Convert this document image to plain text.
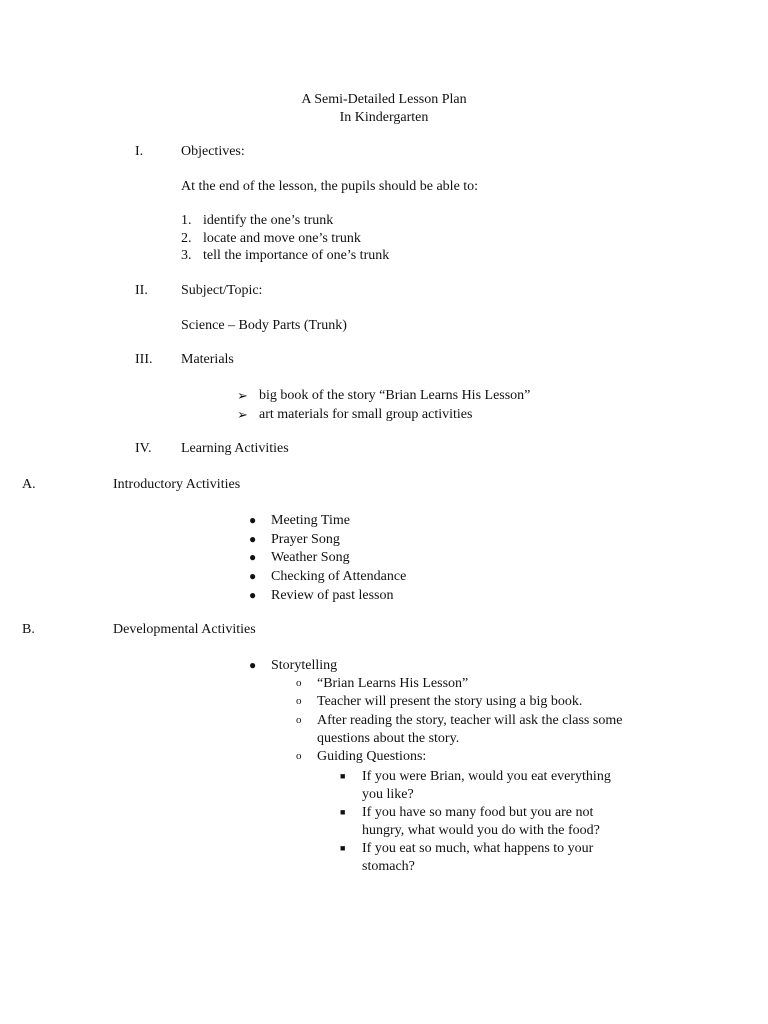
A Semi-Detailed Lesson Plan
In Kindergarten
I.	Objectives:
At the end of the lesson, the pupils should be able to:
1. identify the one’s trunk
2. locate and move one’s trunk
3. tell the importance of one’s trunk
II. Subject/Topic:
Science – Body Parts (Trunk)
III. Materials
➢ big book of the story “Brian Learns His Lesson”
➢ art materials for small group activities
IV. Learning Activities
A.	Introductory Activities
● Meeting Time
● Prayer Song
● Weather Song
● Checking of Attendance
● Review of past lesson
B.	Developmental Activities
● Storytelling
o “Brian Learns His Lesson”
o Teacher will present the story using a big book.
o After reading the story, teacher will ask the class some
questions about the story.
o Guiding Questions:
■ If you were Brian, would you eat everything
you like?
■ If you have so many food but you are not
hungry, what would you do with the food?
■ If you eat so much, what happens to your
stomach?
